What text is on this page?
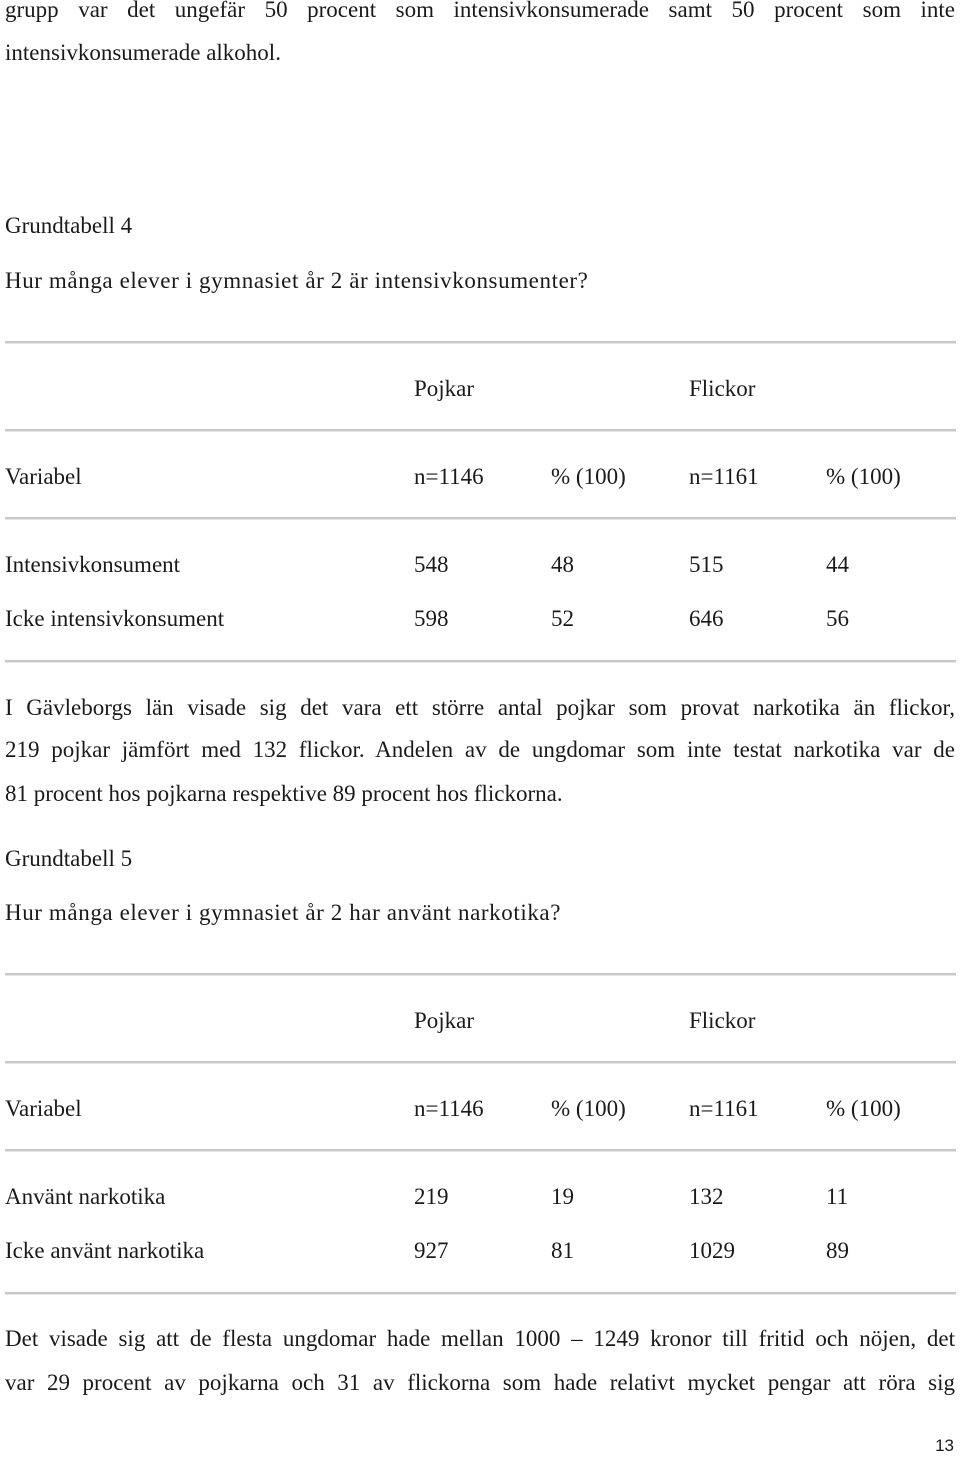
grupp var det ungefär 50 procent som intensivkonsumerade samt 50 procent som inte
intensivkonsumerade alkohol.
Grundtabell 4
Hur många elever i gymnasiet år 2 är intensivkonsumenter?
Pojkar	Flickor
Variabel	n=1146	% (100)	n=1161	% (100)
Intensivkonsument	548	48	515	44
Icke intensivkonsument	598	52	646	56
I Gävleborgs län visade sig det vara ett större antal pojkar som provat narkotika än flickor,
219 pojkar jämfört med 132 flickor. Andelen av de ungdomar som inte testat narkotika var de
81 procent hos pojkarna respektive 89 procent hos flickorna.
Grundtabell 5
Hur många elever i gymnasiet år 2 har använt narkotika?
Pojkar	Flickor
Variabel	n=1146	% (100)	n=1161	% (100)
Använt narkotika	219	19	132	11
Icke använt narkotika	927	81	1029	89
Det visade sig att de flesta ungdomar hade mellan 1000 – 1249 kronor till fritid och nöjen, det
var 29 procent av pojkarna och 31 av flickorna som hade relativt mycket pengar att röra sig
13
